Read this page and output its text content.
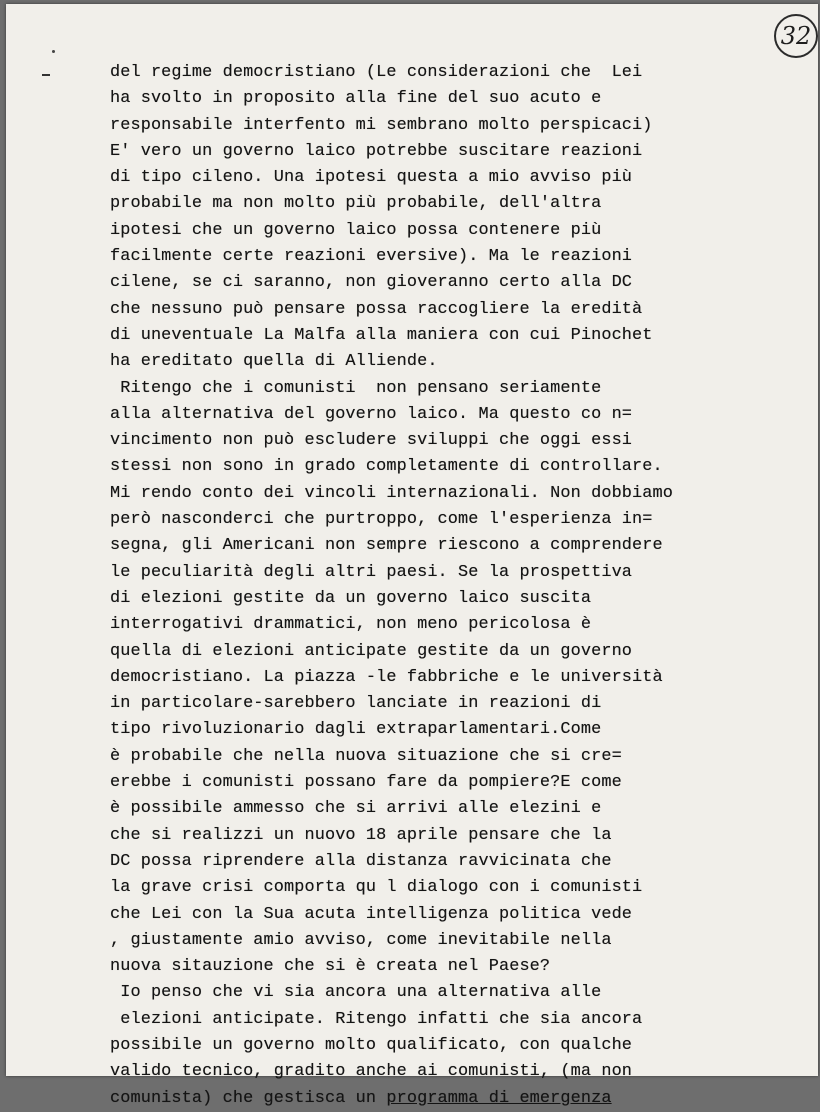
32
del regime democristiano (Le considerazioni che  Lei
ha svolto in proposito alla fine del suo acuto e
responsabile interfento mi sembrano molto perspicaci)
E' vero un governo laico potrebbe suscitare reazioni
di tipo cileno. Una ipotesi questa a mio avviso più
probabile ma non molto più probabile, dell'altra
ipotesi che un governo laico possa contenere più
facilmente certe reazioni eversive). Ma le reazioni
cilene, se ci saranno, non gioveranno certo alla DC
che nessuno può pensare possa raccogliere la eredità
di uneventuale La Malfa alla maniera con cui Pinochet
ha ereditato quella di Alliende.
Ritengo che i comunisti  non pensano seriamente
alla alternativa del governo laico. Ma questo co n=
vincimento non può escludere sviluppi che oggi essi
stessi non sono in grado completamente di controllare.
Mi rendo conto dei vincoli internazionali. Non dobbiamo
però nasconderci che purtroppo, come l'esperienza in=
segna, gli Americani non sempre riescono a comprendere
le peculiarità degli altri paesi. Se la prospettiva
di elezioni gestite da un governo laico suscita
interrogativi drammatici, non meno pericolosa è
quella di elezioni anticipate gestite da un governo
democristiano. La piazza -le fabbriche e le università
in particolare-sarebbero lanciate in reazioni di
tipo rivoluzionario dagli extraparlamentari.Come
è probabile che nella nuova situazione che si cre=
erebbe i comunisti possano fare da pompiere?E come
è possibile ammesso che si arrivi alle elezini e
che si realizzi un nuovo 18 aprile pensare che la
DC possa riprendere alla distanza ravvicinata che
la grave crisi comporta qu l dialogo con i comunisti
che Lei con la Sua acuta intelligenza politica vede
, giustamente amio avviso, come inevitabile nella
nuova sitauzione che si è creata nel Paese?
Io penso che vi sia ancora una alternativa alle
elezioni anticipate. Ritengo infatti che sia ancora
possibile un governo molto qualificato, con qualche
valido tecnico, gradito anche ai comunisti, (ma non
comunista) che gestisca un programma di emergenza
